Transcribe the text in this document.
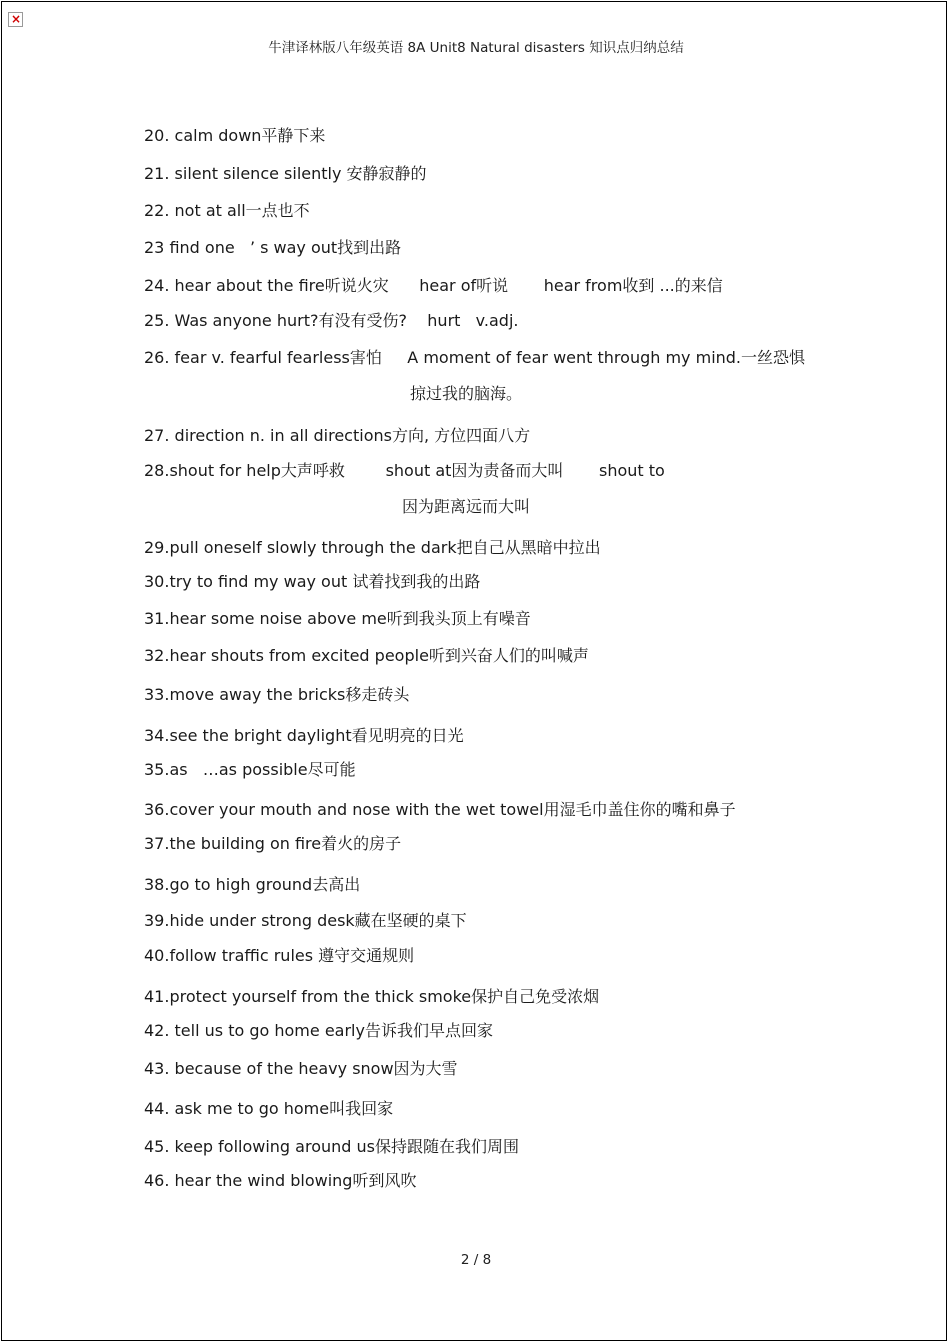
×
牛津译林版八年级英语 8A Unit8 Natural disasters 知识点归纳总结
20. calm down平静下来
21. silent silence silently 安静寂静的
22. not at all一点也不
23 find one   ’ s way out找到出路
24. hear about the fire听说火灾      hear of听说       hear from收到 ...的来信
25. Was anyone hurt?有没有受伤?    hurt   v.adj.
26. fear v. fearful fearless害怕     A moment of fear went through my mind.一丝恐惧
掠过我的脑海。
27. direction n. in all directions方向, 方位四面八方
28.shout for help大声呼救        shout at因为责备而大叫       shout to
因为距离远而大叫
29.pull oneself slowly through the dark把自己从黑暗中拉出
30.try to find my way out 试着找到我的出路
31.hear some noise above me听到我头顶上有噪音
32.hear shouts from excited people听到兴奋人们的叫喊声
33.move away the bricks移走砖头
34.see the bright daylight看见明亮的日光
35.as   …as possible尽可能
36.cover your mouth and nose with the wet towel用湿毛巾盖住你的嘴和鼻子
37.the building on fire着火的房子
38.go to high ground去高出
39.hide under strong desk藏在坚硬的桌下
40.follow traffic rules 遵守交通规则
41.protect yourself from the thick smoke保护自己免受浓烟
42. tell us to go home early告诉我们早点回家
43. because of the heavy snow因为大雪
44. ask me to go home叫我回家
45. keep following around us保持跟随在我们周围
46. hear the wind blowing听到风吹
2 / 8
